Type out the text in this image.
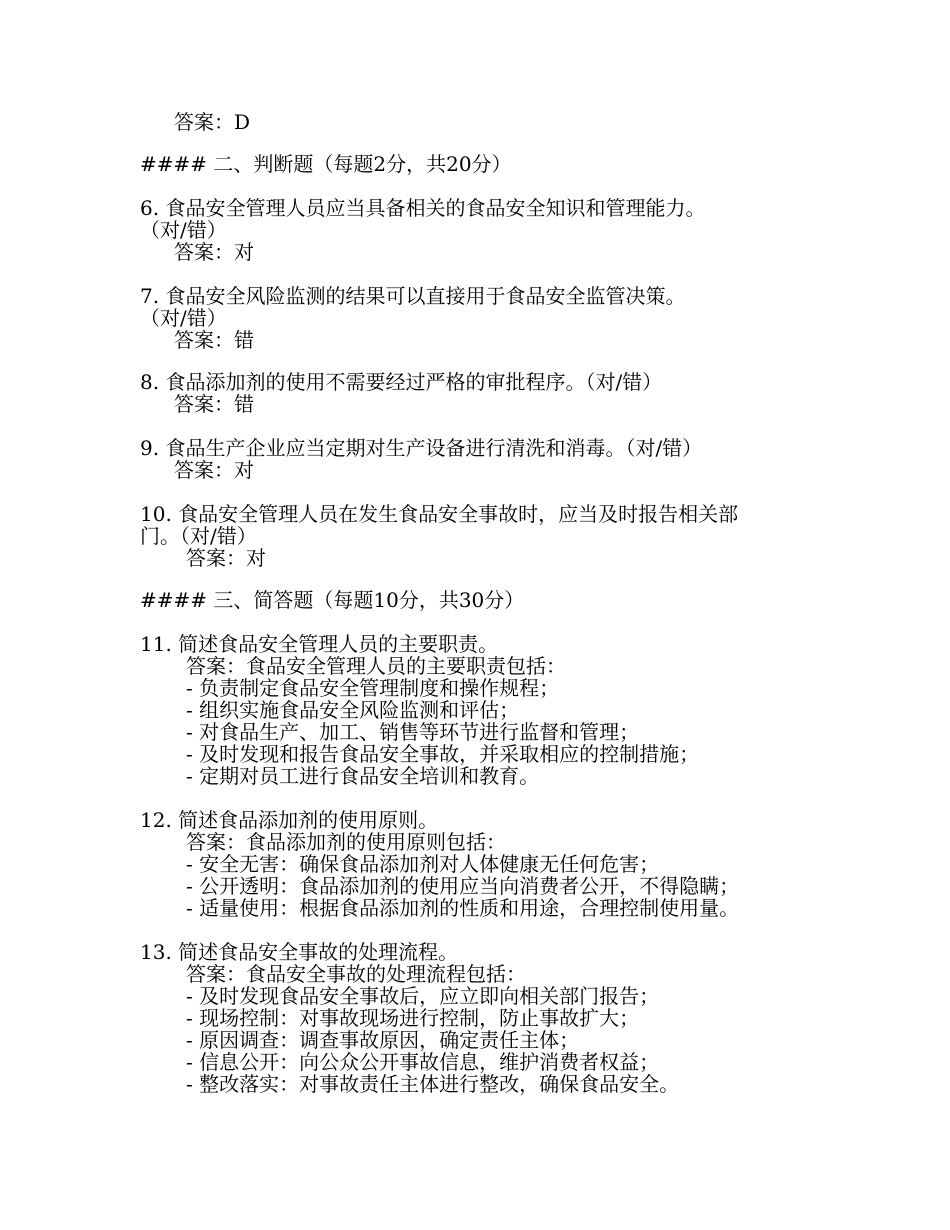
答案：D

#### 二、判断题（每题2分，共20分）

6. 食品安全管理人员应当具备相关的食品安全知识和管理能力。

（对/错）

答案：对

7. 食品安全风险监测的结果可以直接用于食品安全监管决策。

（对/错）

答案：错

8. 食品添加剂的使用不需要经过严格的审批程序。（对/错）

答案：错

9. 食品生产企业应当定期对生产设备进行清洗和消毒。（对/错）

答案：对

10. 食品安全管理人员在发生食品安全事故时，应当及时报告相关部

门。（对/错）

答案：对

#### 三、简答题（每题10分，共30分）

11. 简述食品安全管理人员的主要职责。

答案：食品安全管理人员的主要职责包括：

- 负责制定食品安全管理制度和操作规程；

- 组织实施食品安全风险监测和评估；

- 对食品生产、加工、销售等环节进行监督和管理；

- 及时发现和报告食品安全事故，并采取相应的控制措施；

- 定期对员工进行食品安全培训和教育。

12. 简述食品添加剂的使用原则。

答案：食品添加剂的使用原则包括：

- 安全无害：确保食品添加剂对人体健康无任何危害；

- 公开透明：食品添加剂的使用应当向消费者公开，不得隐瞒；

- 适量使用：根据食品添加剂的性质和用途，合理控制使用量。

13. 简述食品安全事故的处理流程。

答案：食品安全事故的处理流程包括：

- 及时发现食品安全事故后，应立即向相关部门报告；

- 现场控制：对事故现场进行控制，防止事故扩大；

- 原因调查：调查事故原因，确定责任主体；

- 信息公开：向公众公开事故信息，维护消费者权益；

- 整改落实：对事故责任主体进行整改，确保食品安全。
